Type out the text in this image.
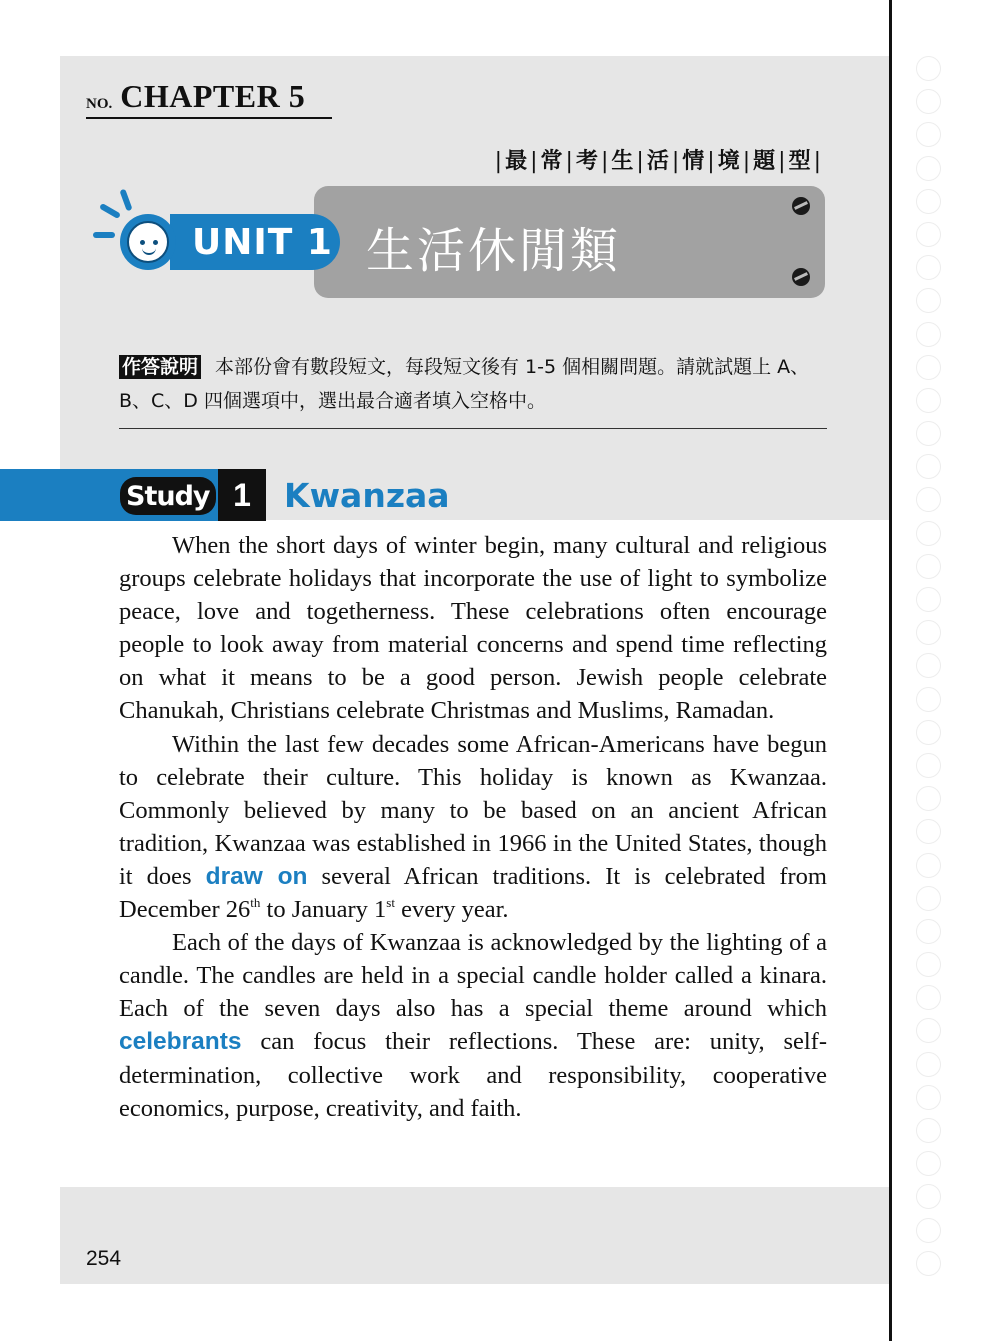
NO. CHAPTER 5
|最|常|考|生|活|情|境|題|型|
UNIT 1 生活休閒類
作答說明 本部份會有數段短文，每段短文後有 1-5 個相關問題。請就試題上 A、B、C、D 四個選項中，選出最合適者填入空格中。
Study 1 Kwanzaa

When the short days of winter begin, many cultural and religious groups celebrate holidays that incorporate the use of light to symbolize peace, love and togetherness. These celebrations often encourage people to look away from material concerns and spend time reflecting on what it means to be a good person. Jewish people celebrate Chanukah, Christians celebrate Christmas and Muslims, Ramadan.

Within the last few decades some African-Americans have begun to celebrate their culture. This holiday is known as Kwanzaa. Commonly believed by many to be based on an ancient African tradition, Kwanzaa was established in 1966 in the United States, though it does draw on several African traditions. It is celebrated from December 26th to January 1st every year.

Each of the days of Kwanzaa is acknowledged by the lighting of a candle. The candles are held in a special candle holder called a kinara. Each of the seven days also has a special theme around which celebrants can focus their reflections. These are: unity, self-determination, collective work and responsibility, cooperative economics, purpose, creativity, and faith.

254
